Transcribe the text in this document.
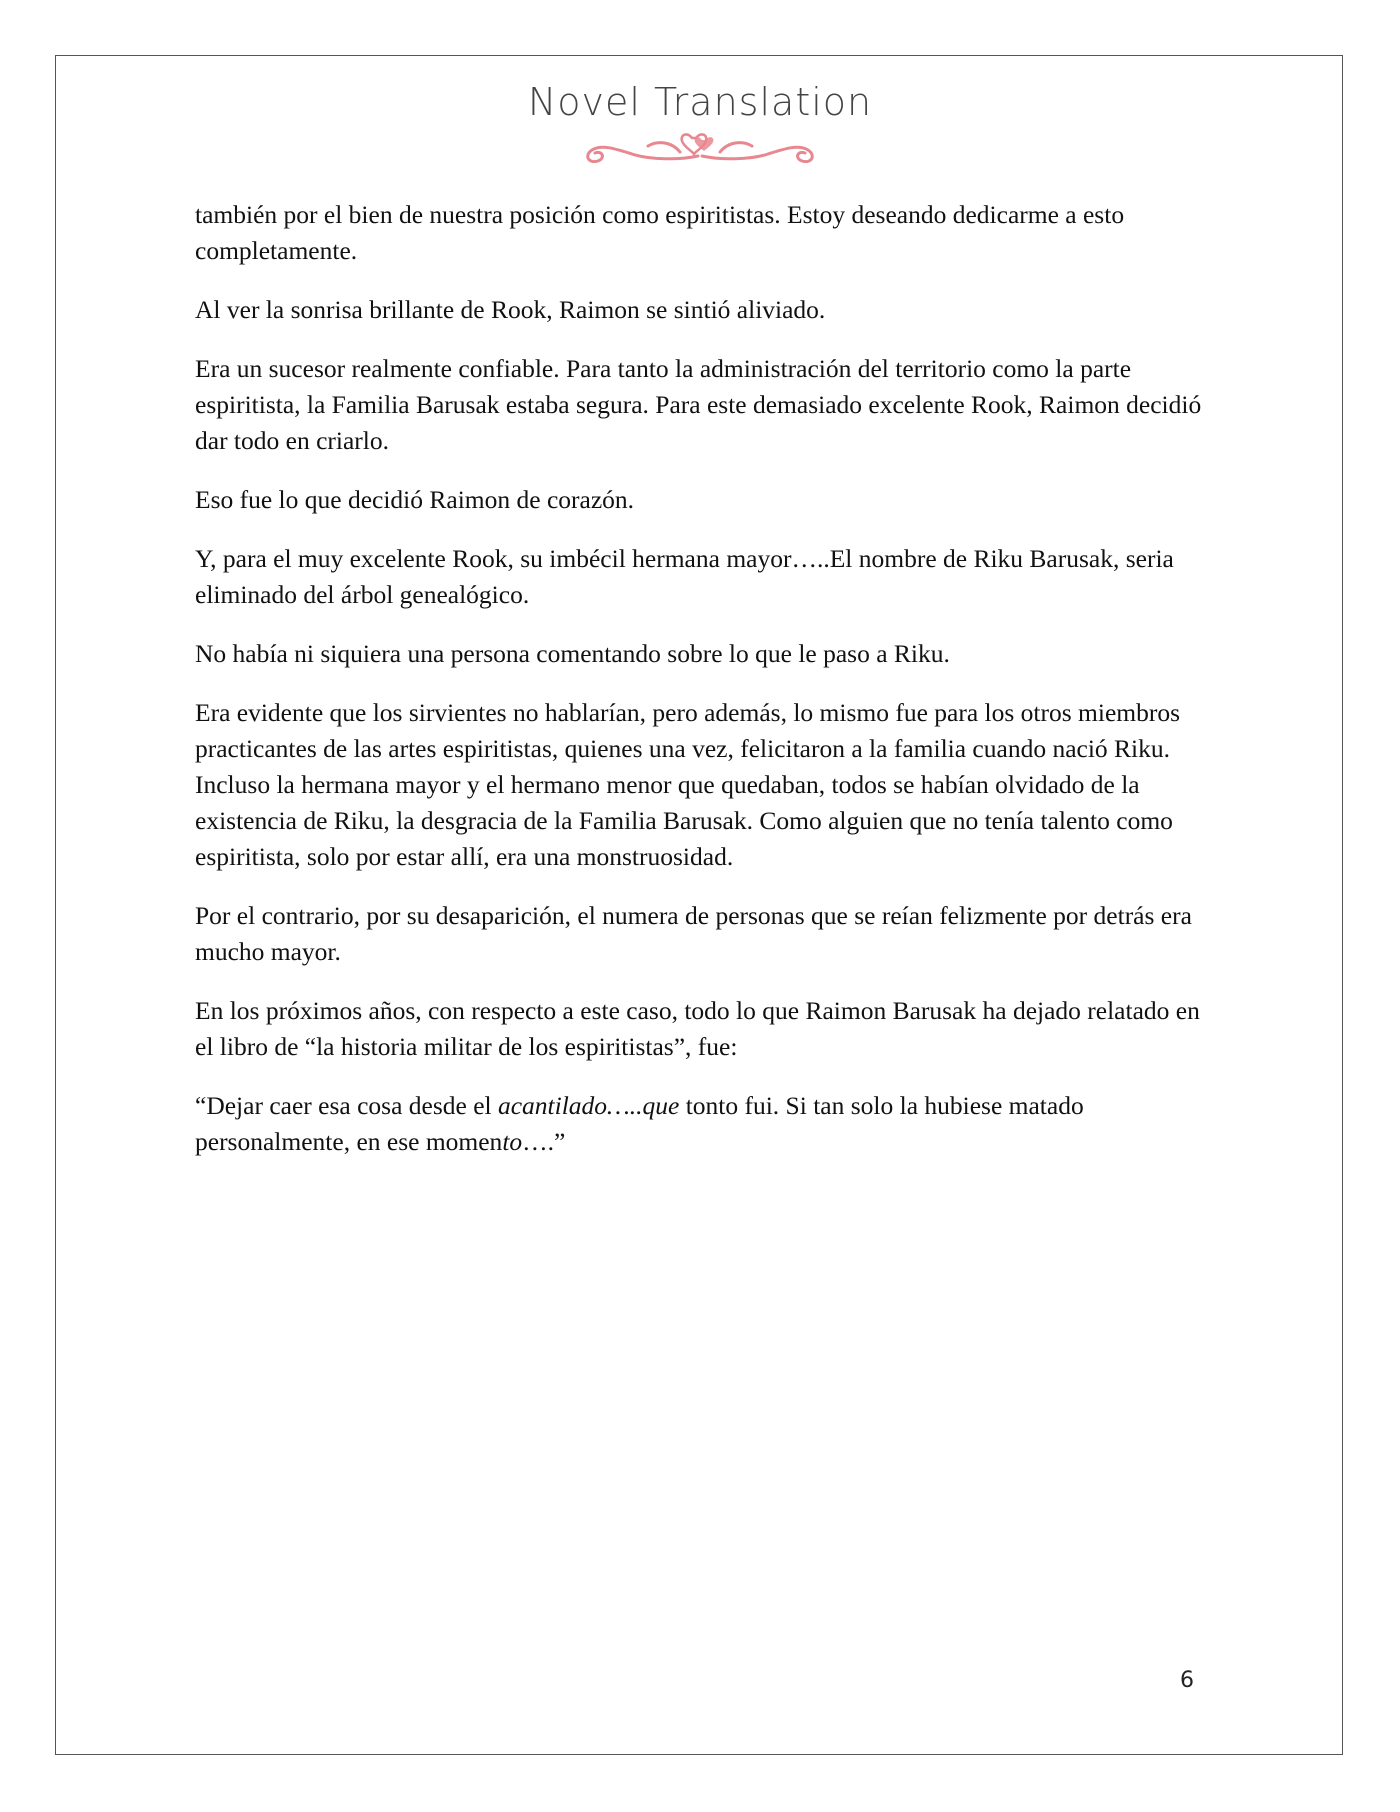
Novel Translation

también por el bien de nuestra posición como espiritistas. Estoy deseando dedicarme a esto completamente.

Al ver la sonrisa brillante de Rook, Raimon se sintió aliviado.

Era un sucesor realmente confiable. Para tanto la administración del territorio como la parte espiritista, la Familia Barusak estaba segura. Para este demasiado excelente Rook, Raimon decidió dar todo en criarlo.

Eso fue lo que decidió Raimon de corazón.

Y, para el muy excelente Rook, su imbécil hermana mayor…..El nombre de Riku Barusak, seria eliminado del árbol genealógico.

No había ni siquiera una persona comentando sobre lo que le paso a Riku.

Era evidente que los sirvientes no hablarían, pero además, lo mismo fue para los otros miembros practicantes de las artes espiritistas, quienes una vez, felicitaron a la familia cuando nació Riku. Incluso la hermana mayor y el hermano menor que quedaban, todos se habían olvidado de la existencia de Riku, la desgracia de la Familia Barusak. Como alguien que no tenía talento como espiritista, solo por estar allí, era una monstruosidad.

Por el contrario, por su desaparición, el numera de personas que se reían felizmente por detrás era mucho mayor.

En los próximos años, con respecto a este caso, todo lo que Raimon Barusak ha dejado relatado en el libro de “la historia militar de los espiritistas”, fue:

“Dejar caer esa cosa desde el acantilado…..que tonto fui. Si tan solo la hubiese matado personalmente, en ese momento….”

6
